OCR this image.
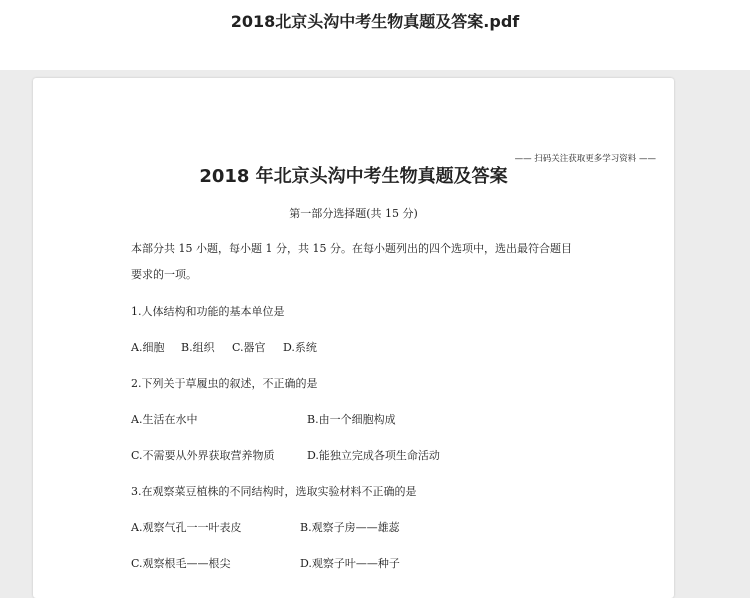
2018北京头沟中考生物真题及答案.pdf
—— 扫码关注获取更多学习资料 ——
2018 年北京头沟中考生物真题及答案
第一部分选择题(共 15 分)
本部分共 15 小题，每小题 1 分，共 15 分。在每小题列出的四个选项中，选出最符合题目
要求的一项。
1.人体结构和功能的基本单位是
A.细胞 B.组织 C.器官 D.系统
2.下列关于草履虫的叙述，不正确的是
A.生活在水中	B.由一个细胞构成
C.不需要从外界获取营养物质	D.能独立完成各项生命活动
3.在观察菜豆植株的不同结构时，选取实验材料不正确的是
A.观察气孔一一叶表皮	B.观察子房——雄蕊
C.观察根毛——根尖	D.观察子叶——种子
